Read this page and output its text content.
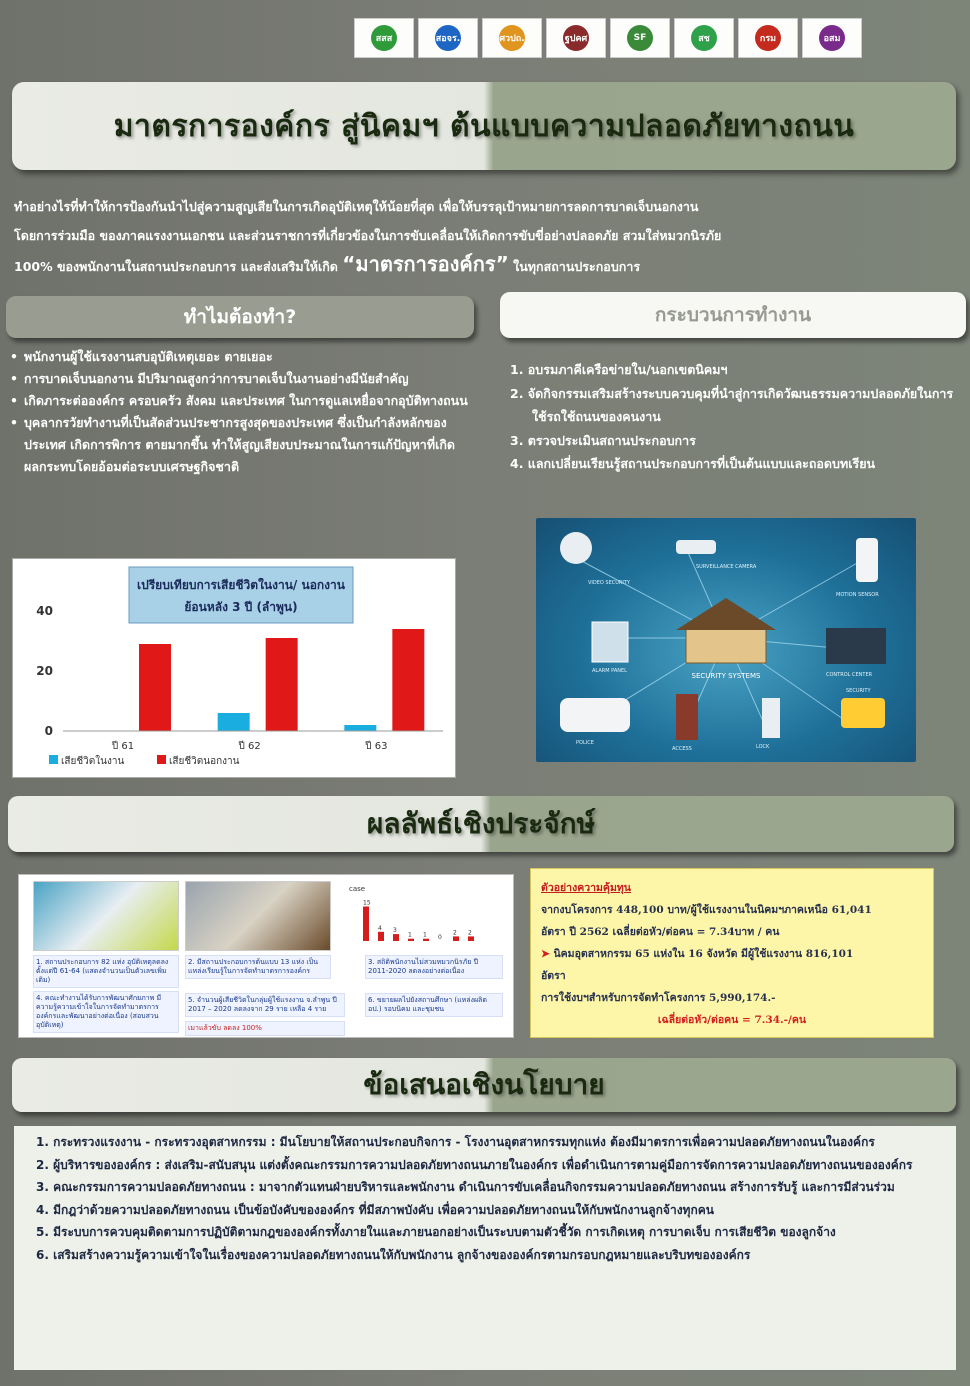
สสส	สอจร.	ศวปถ.	ฐปคศ	SF	สช	กรม	อสม
มาตรการองค์กร สู่นิคมฯ ต้นแบบความปลอดภัยทางถนน
ทำอย่างไรที่ทำให้การป้องกันนำไปสู่ความสูญเสียในการเกิดอุบัติเหตุให้น้อยที่สุด เพื่อให้บรรลุเป้าหมายการลดการบาดเจ็บนอกงาน
โดยการร่วมมือ ของภาคแรงงานเอกชน และส่วนราชการที่เกี่ยวข้องในการขับเคลื่อนให้เกิดการขับขี่อย่างปลอดภัย สวมใส่หมวกนิรภัย
100% ของพนักงานในสถานประกอบการ และส่งเสริมให้เกิด “มาตรการองค์กร” ในทุกสถานประกอบการ
ทำไมต้องทำ?
• พนักงานผู้ใช้แรงงานสบอุบัติเหตุเยอะ ตายเยอะ
• การบาดเจ็บนอกงาน มีปริมาณสูงกว่าการบาดเจ็บในงานอย่างมีนัยสำคัญ
• เกิดภาระต่อองค์กร ครอบครัว สังคม และประเทศ ในการดูแลเหยื่อจากอุบัติทางถนน
• บุคลากรวัยทำงานที่เป็นสัดส่วนประชากรสูงสุดของประเทศ ซึ่งเป็นกำลังหลักของประเทศ เกิดการพิการ ตายมากขึ้น ทำให้สูญเสียงบประมาณในการแก้ปัญหาที่เกิดผลกระทบโดยอ้อมต่อระบบเศรษฐกิจชาติ
กระบวนการทำงาน
1. อบรมภาคีเครือข่ายใน/นอกเขตนิคมฯ
2. จัดกิจกรรมเสริมสร้างระบบควบคุมที่นำสู่การเกิดวัฒนธรรมความปลอดภัยในการใช้รถใช้ถนนของคนงาน
3. ตรวจประเมินสถานประกอบการ
4. แลกเปลี่ยนเรียนรู้สถานประกอบการที่เป็นต้นแบบและถอดบทเรียน
เปรียบเทียบการเสียชีวิตในงาน/ นอกงาน
ย้อนหลัง 3 ปี (ลำพูน)
0
20
40
ปี 61	ปี 62	ปี 63
เสียชีวิตในงาน	เสียชีวิตนอกงาน
SECURITY SYSTEMS
VIDEO SECURITY
SURVEILLANCE CAMERA
MOTION SENSOR
ALARM PANEL
CONTROL CENTER
SECURITY
LOCK
POLICE
ACCESS
ผลลัพธ์เชิงประจักษ์
case
15
4 3
1 1 0
2 2
1. สถานประกอบการ 82 แห่ง อุบัติเหตุลดลงตั้งแต่ปี 61-64 (แสดงจำนวนเป็นตัวเลขเพิ่มเติม)
2. มีสถานประกอบการต้นแบบ 13 แห่ง เป็นแหล่งเรียนรู้ในการจัดทำมาตรการองค์กร
3. สถิติพนักงานไม่สวมหมวกนิรภัย ปี 2011-2020 ลดลงอย่างต่อเนื่อง
4. คณะทำงานได้รับการพัฒนาศักยภาพ มีความรู้ความเข้าใจในการจัดทำมาตรการองค์กรและพัฒนาอย่างต่อเนื่อง (สอบสวนอุบัติเหตุ)
5. จำนวนผู้เสียชีวิตในกลุ่มผู้ใช้แรงงาน จ.ลำพูน ปี 2017 – 2020 ลดลงจาก 29 ราย เหลือ 4 ราย
เมาแล้วขับ ลดลง 100%
6. ขยายผลไปยังสถานศึกษา (แหล่งผลิต อป.) รอบนิคม และชุมชน
ตัวอย่างความคุ้มทุน
จากงบโครงการ 448,100 บาท/ผู้ใช้แรงงานในนิคมฯภาคเหนือ 61,041
อัตรา ปี 2562 เฉลี่ยต่อหัว/ต่อคน = 7.34บาท / คน
➤ นิคมอุตสาหกรรม 65 แห่งใน 16 จังหวัด มีผู้ใช้แรงงาน 816,101
อัตรา
การใช้งบฯสำหรับการจัดทำโครงการ 5,990,174.-
เฉลี่ยต่อหัว/ต่อคน = 7.34.-/คน
ข้อเสนอเชิงนโยบาย
1. กระทรวงแรงงาน - กระทรวงอุตสาหกรรม : มีนโยบายให้สถานประกอบกิจการ - โรงงานอุตสาหกรรมทุกแห่ง ต้องมีมาตรการเพื่อความปลอดภัยทางถนนในองค์กร
2. ผู้บริหารขององค์กร : ส่งเสริม-สนับสนุน แต่งตั้งคณะกรรมการความปลอดภัยทางถนนภายในองค์กร เพื่อดำเนินการตามคู่มือการจัดการความปลอดภัยทางถนนขององค์กร
3. คณะกรรมการความปลอดภัยทางถนน : มาจากตัวแทนฝ่ายบริหารและพนักงาน ดำเนินการขับเคลื่อนกิจกรรมความปลอดภัยทางถนน สร้างการรับรู้ และการมีส่วนร่วม
4. มีกฎว่าด้วยความปลอดภัยทางถนน เป็นข้อบังคับขององค์กร ที่มีสภาพบังคับ เพื่อความปลอดภัยทางถนนให้กับพนักงานลูกจ้างทุกคน
5. มีระบบการควบคุมติดตามการปฏิบัติตามกฎขององค์กรทั้งภายในและภายนอกอย่างเป็นระบบตามตัวชี้วัด การเกิดเหตุ การบาดเจ็บ การเสียชีวิต ของลูกจ้าง
6. เสริมสร้างความรู้ความเข้าใจในเรื่องของความปลอดภัยทางถนนให้กับพนักงาน ลูกจ้างขององค์กรตามกรอบกฎหมายและบริบทขององค์กร
